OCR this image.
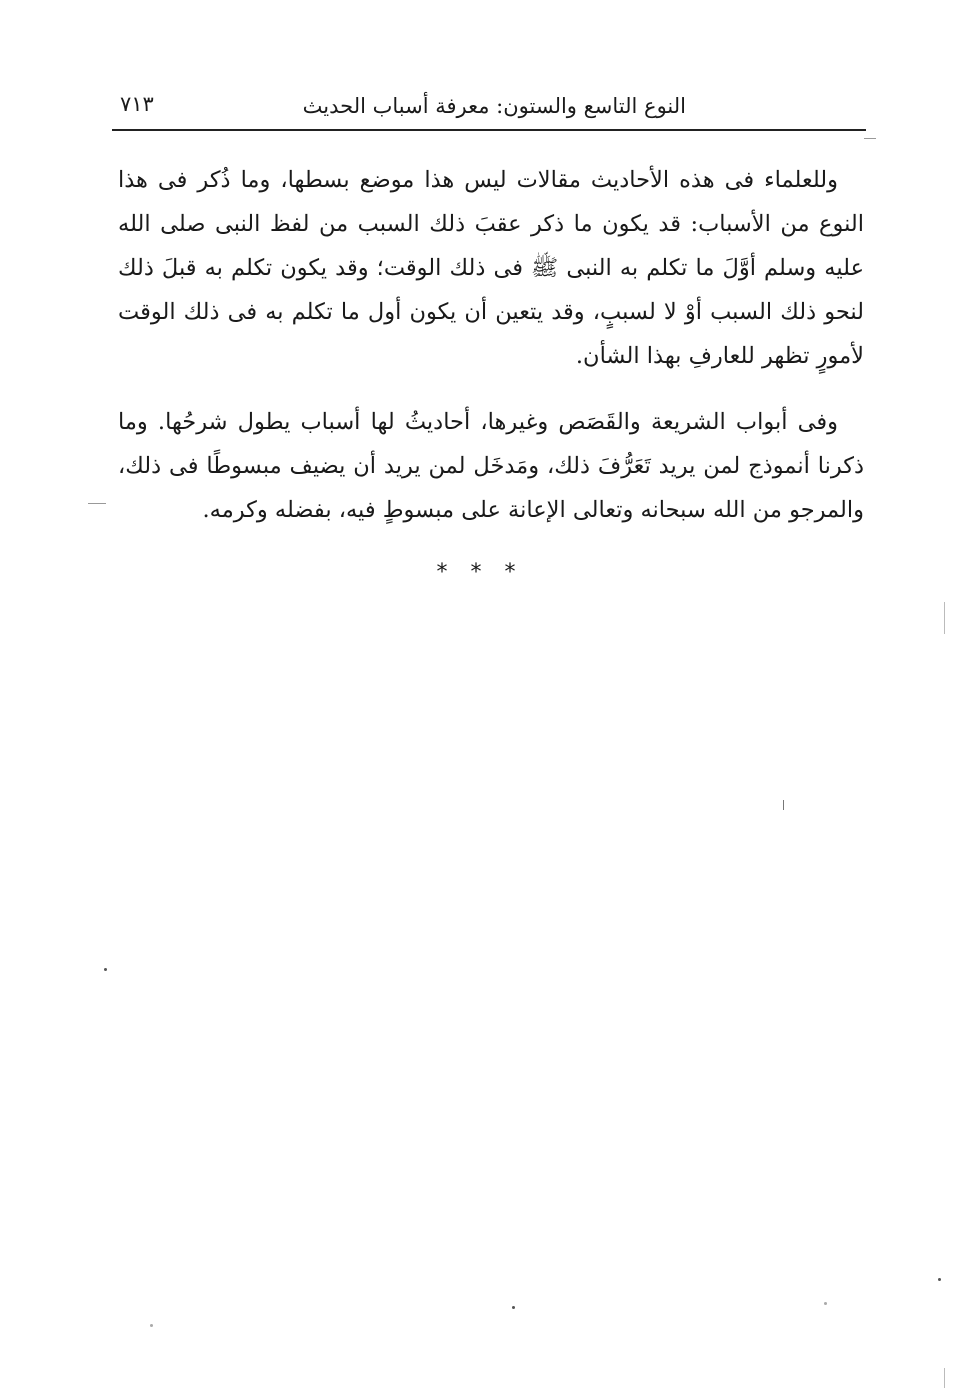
النوع التاسع والستون: معرفة أسباب الحديث
٧١٣

وللعلماء فى هذه الأحاديث مقالات ليس هذا موضع بسطها، وما ذُكر فى هذا النوع من الأسباب: قد يكون ما ذكر عقبَ ذلك السبب من لفظ النبى صلى الله عليه وسلم أوَّلَ ما تكلم به النبى ﷺ فى ذلك الوقت؛ وقد يكون تكلم به قبلَ ذلك لنحو ذلك السبب أوْ لا لسببٍ، وقد يتعين أن يكون أول ما تكلم به فى ذلك الوقت لأمورٍ تظهر للعارفِ بهذا الشأن.

وفى أبواب الشريعة والقَصَص وغيرها، أحاديثُ لها أسباب يطول شرحُها. وما ذكرنا أنموذج لمن يريد تَعَرُّفَ ذلك، ومَدخَل لمن يريد أن يضيف مبسوطًا فى ذلك، والمرجو من الله سبحانه وتعالى الإعانة على مبسوطٍ فيه، بفضله وكرمه.

* * *
